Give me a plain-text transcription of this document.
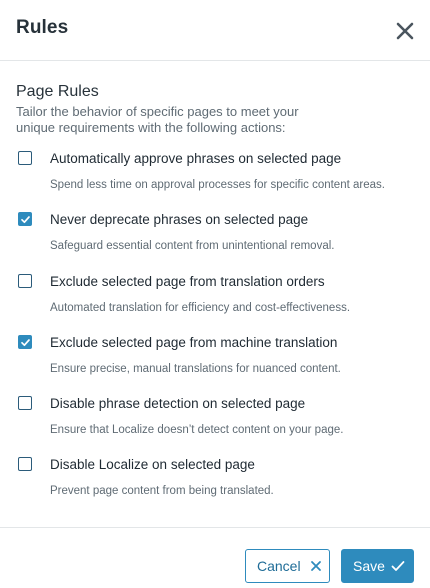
Rules
Page Rules
Tailor the behavior of specific pages to meet your unique requirements with the following actions:
Automatically approve phrases on selected page
Spend less time on approval processes for specific content areas.
Never deprecate phrases on selected page
Safeguard essential content from unintentional removal.
Exclude selected page from translation orders
Automated translation for efficiency and cost-effectiveness.
Exclude selected page from machine translation
Ensure precise, manual translations for nuanced content.
Disable phrase detection on selected page
Ensure that Localize doesn’t detect content on your page.
Disable Localize on selected page
Prevent page content from being translated.
Cancel	Save
